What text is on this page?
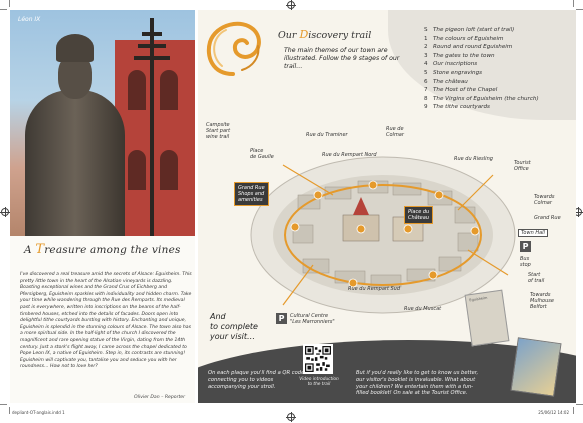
Léon IX
A Treasure among the vines

I've discovered a real treasure amid the secrets of Alsace: Eguisheim. This pretty little town in the heart of the Alsatian vineyards is dazzling. Boasting exceptional wines and the Grand Crus of Eichberg and Pfersigberg, Eguisheim sparkles with individuality and hidden charm. Take your time while wandering through the Rue des Remparts. Its medieval past is everywhere, written into inscriptions on the beams of the half-timbered houses, etched into the details of facades. Doors open into delightful tithe courtyards bursting with history. Enchanting and unique, Eguisheim is splendid in the stunning colours of Alsace. The town also has a more spiritual side. In the half-light of the church I discovered the magnificent and rare opening statue of the Virgin, dating from the 14th century. Just a stork's flight away, I came across the chapel dedicated to Pope Leon IX, a native of Eguisheim. Step in, its contrasts are stunning! Eguisheim will captivate you, tantalise you and seduce you with her roundness… How not to love her?

Olivier Dan – Reporter
Our Discovery trail

The main themes of our town are illustrated. Follow the 9 stages of our trail…

S The pigeon loft (start of trail)
1 The colours of Eguisheim
2 Round and round Eguisheim
3 The gates to the town
4 Our inscriptions
5 Stone engravings
6 The château
7 The Host of the Chapel
8 The Virgins of Eguisheim (the church)
9 The tithe courtyards
Campsite
Start part
wine trail
Place
de Gaulle
Rue du Traminer
Rue de
Colmar
Rue du Rempart Nord
Rue du Riesling
Tourist
Office
Grand Rue
Shops and
amenities	Towards
Colmar
Grand Rue
Town Hall
P
Bus
stop
Start
of trail
Towards
Mulhouse
Belfort
Place du
Château
Rue du Rempart Sud
Rue du Muscat
And
to complete
your visit…
P	Cultural Centre
"Les Marronniers"
Eguisheim

On each plaque you'll find a QR code connecting you to videos accompanying your stroll.

Video introduction to the trail

But if you'd really like to get to know us better, our visitor's booklet is invaluable. What about your children? We entertain them with a fun-filled booklet! On sale at the Tourist Office.

depliant-OT-anglais.indd 1	25/06/12 14:02
